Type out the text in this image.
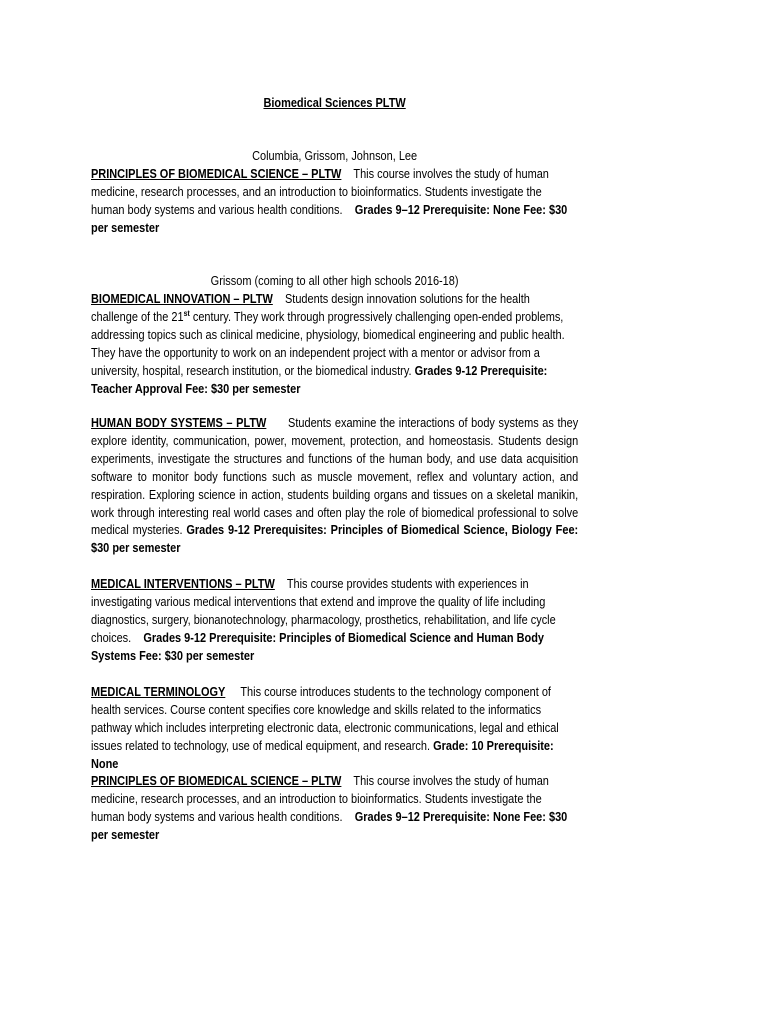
Biomedical Sciences PLTW
Columbia, Grissom, Johnson, Lee

PRINCIPLES OF BIOMEDICAL SCIENCE – PLTW This course involves the study of human medicine, research processes, and an introduction to bioinformatics. Students investigate the human body systems and various health conditions. Grades 9–12 Prerequisite: None Fee: $30 per semester

Grissom (coming to all other high schools 2016-18)

BIOMEDICAL INNOVATION – PLTW Students design innovation solutions for the health challenge of the 21st century. They work through progressively challenging open-ended problems, addressing topics such as clinical medicine, physiology, biomedical engineering and public health. They have the opportunity to work on an independent project with a mentor or advisor from a university, hospital, research institution, or the biomedical industry. Grades 9-12 Prerequisite: Teacher Approval Fee: $30 per semester

HUMAN BODY SYSTEMS – PLTW Students examine the interactions of body systems as they explore identity, communication, power, movement, protection, and homeostasis. Students design experiments, investigate the structures and functions of the human body, and use data acquisition software to monitor body functions such as muscle movement, reflex and voluntary action, and respiration. Exploring science in action, students building organs and tissues on a skeletal manikin, work through interesting real world cases and often play the role of biomedical professional to solve medical mysteries. Grades 9-12 Prerequisites: Principles of Biomedical Science, Biology Fee: $30 per semester

MEDICAL INTERVENTIONS – PLTW This course provides students with experiences in investigating various medical interventions that extend and improve the quality of life including diagnostics, surgery, bionanotechnology, pharmacology, prosthetics, rehabilitation, and life cycle choices. Grades 9-12 Prerequisite: Principles of Biomedical Science and Human Body Systems Fee: $30 per semester

MEDICAL TERMINOLOGY This course introduces students to the technology component of health services. Course content specifies core knowledge and skills related to the informatics pathway which includes interpreting electronic data, electronic communications, legal and ethical issues related to technology, use of medical equipment, and research. Grade: 10 Prerequisite: None

PRINCIPLES OF BIOMEDICAL SCIENCE – PLTW This course involves the study of human medicine, research processes, and an introduction to bioinformatics. Students investigate the human body systems and various health conditions. Grades 9–12 Prerequisite: None Fee: $30 per semester
